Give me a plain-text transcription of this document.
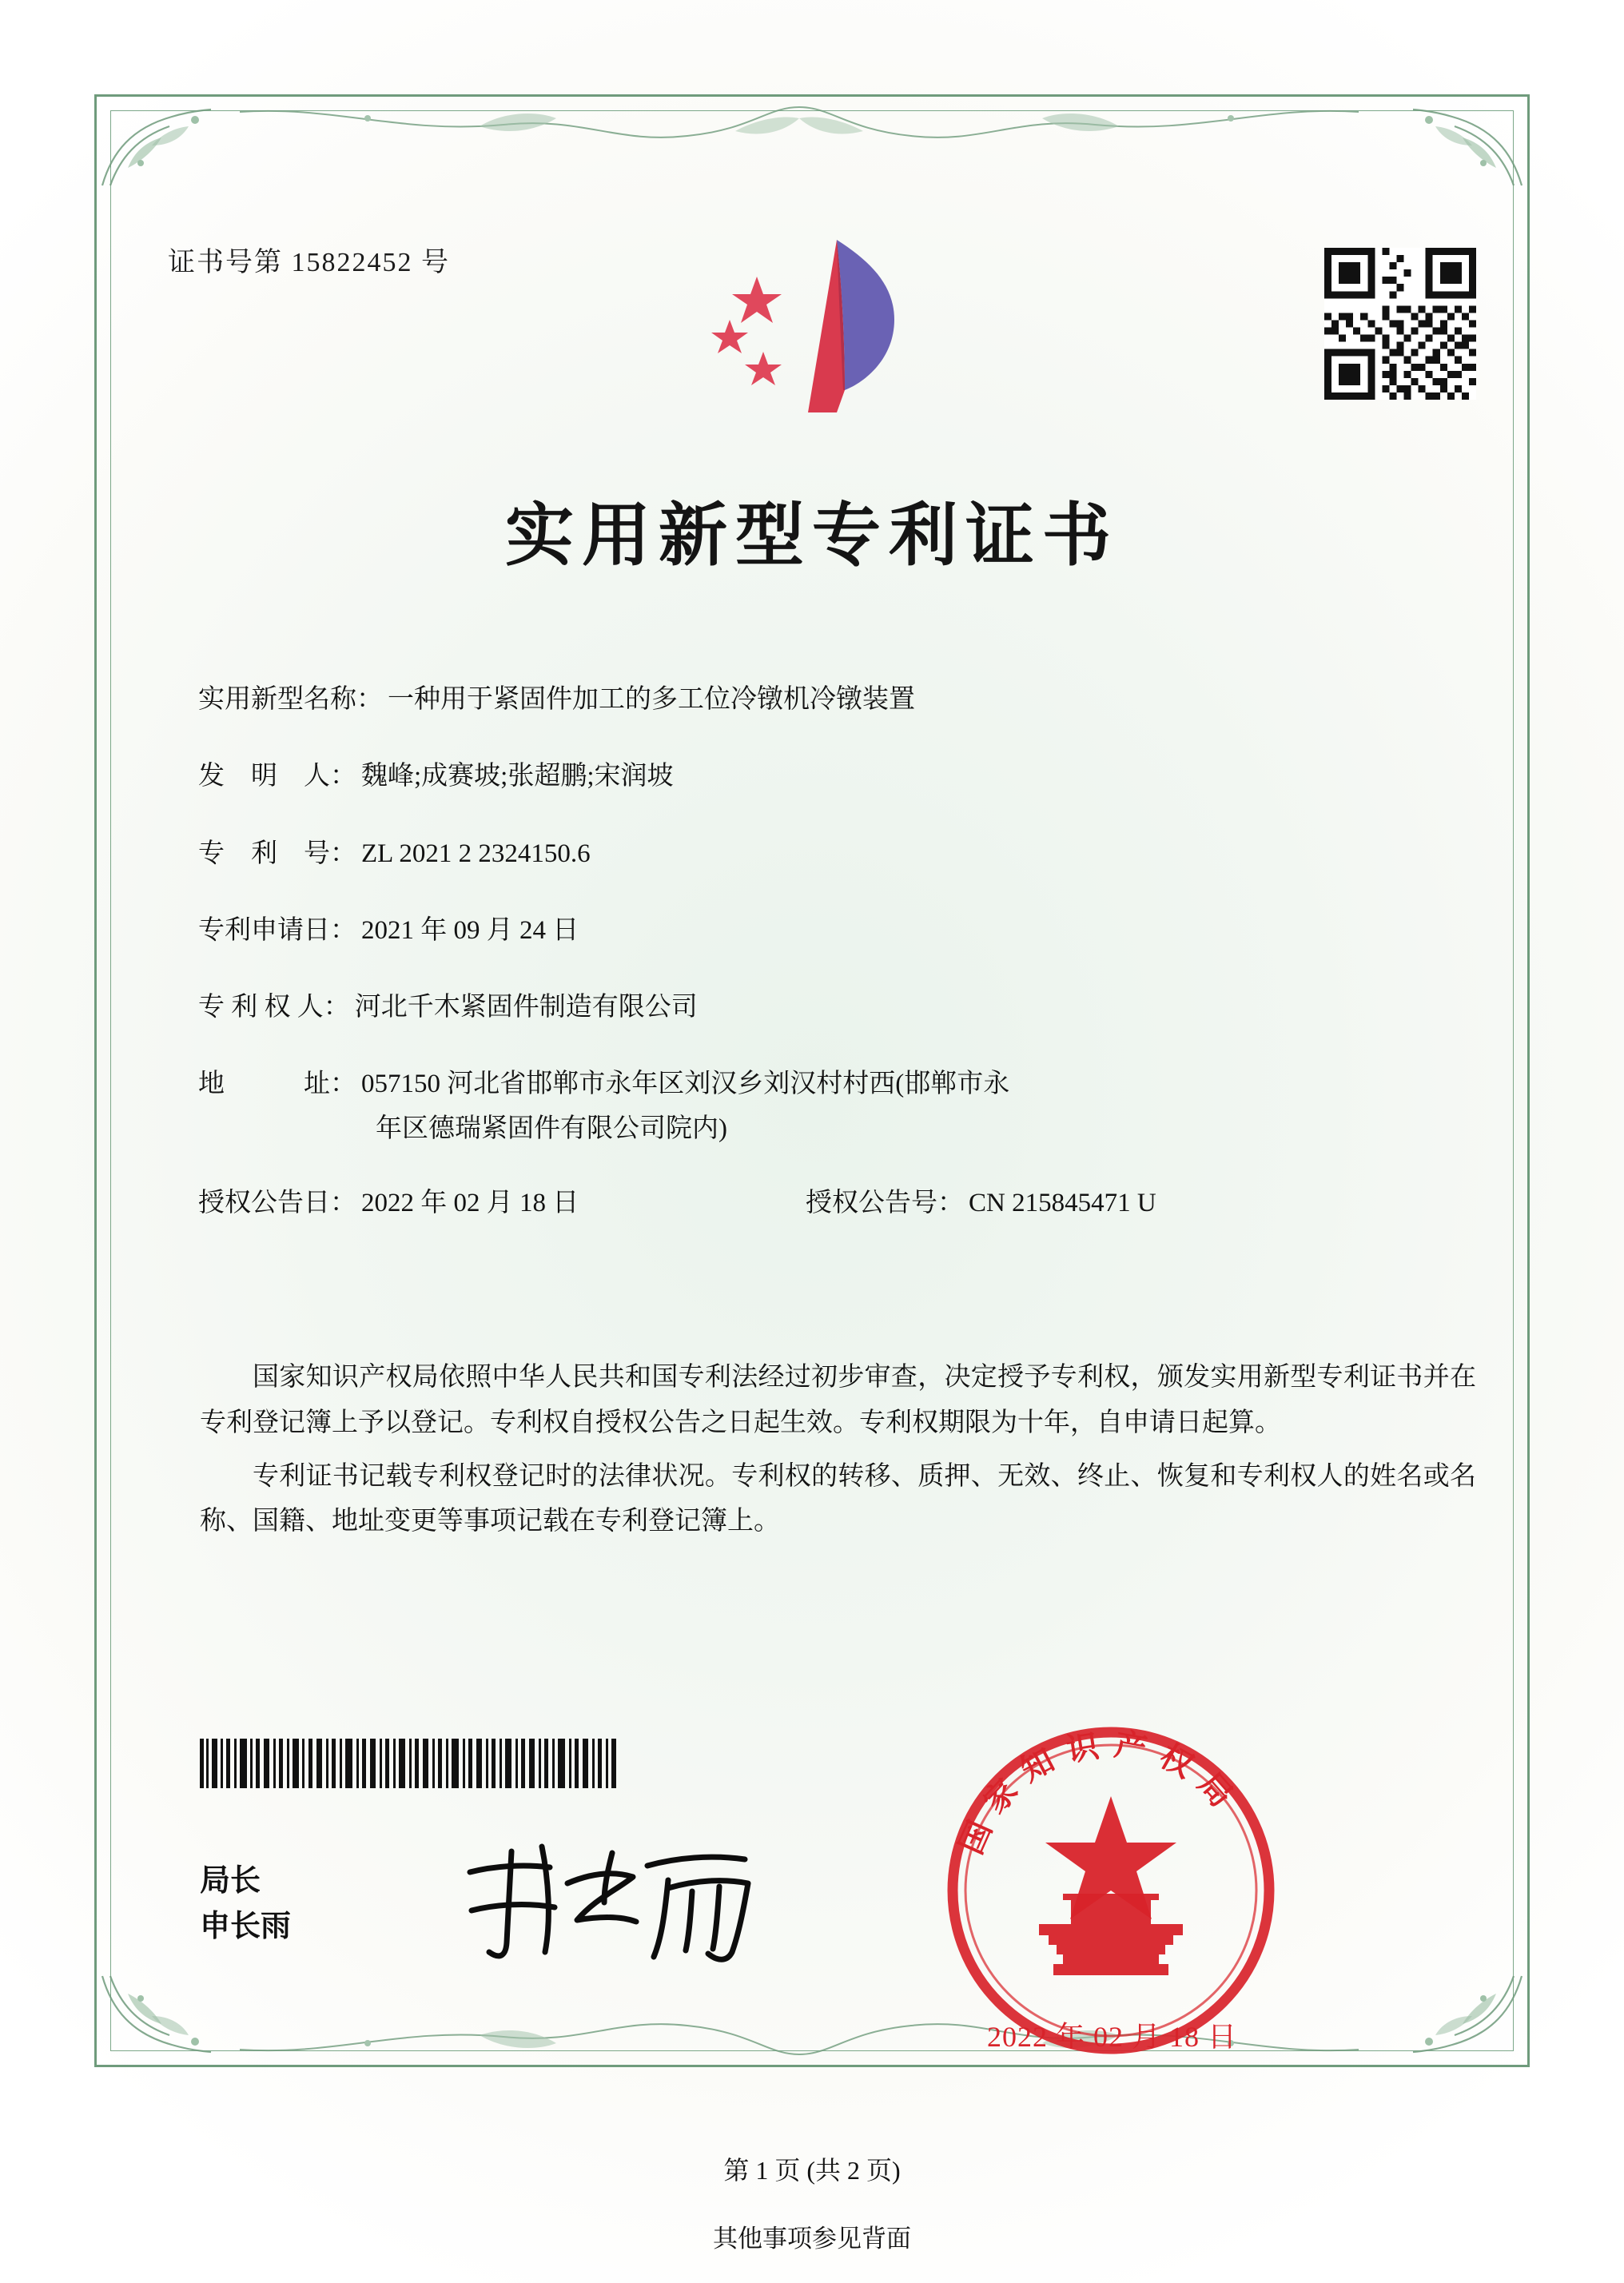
证书号第 15822452 号
实用新型专利证书
实用新型名称： 一种用于紧固件加工的多工位冷镦机冷镦装置
发　明　人： 魏峰;成赛坡;张超鹏;宋润坡
专　利　号： ZL 2021 2 2324150.6
专利申请日： 2021 年 09 月 24 日
专 利 权 人： 河北千木紧固件制造有限公司
地　　　址： 057150 河北省邯郸市永年区刘汉乡刘汉村村西(邯郸市永
年区德瑞紧固件有限公司院内)
授权公告日： 2022 年 02 月 18 日	授权公告号： CN 215845471 U

国家知识产权局依照中华人民共和国专利法经过初步审查，决定授予专利权，颁发实用新型专利证书并在专利登记簿上予以登记。专利权自授权公告之日起生效。专利权期限为十年，自申请日起算。

专利证书记载专利权登记时的法律状况。专利权的转移、质押、无效、终止、恢复和专利权人的姓名或名称、国籍、地址变更等事项记载在专利登记簿上。

局长
申长雨
国家知识产权局
2022 年 02 月 18 日
第 1 页 (共 2 页)
其他事项参见背面
